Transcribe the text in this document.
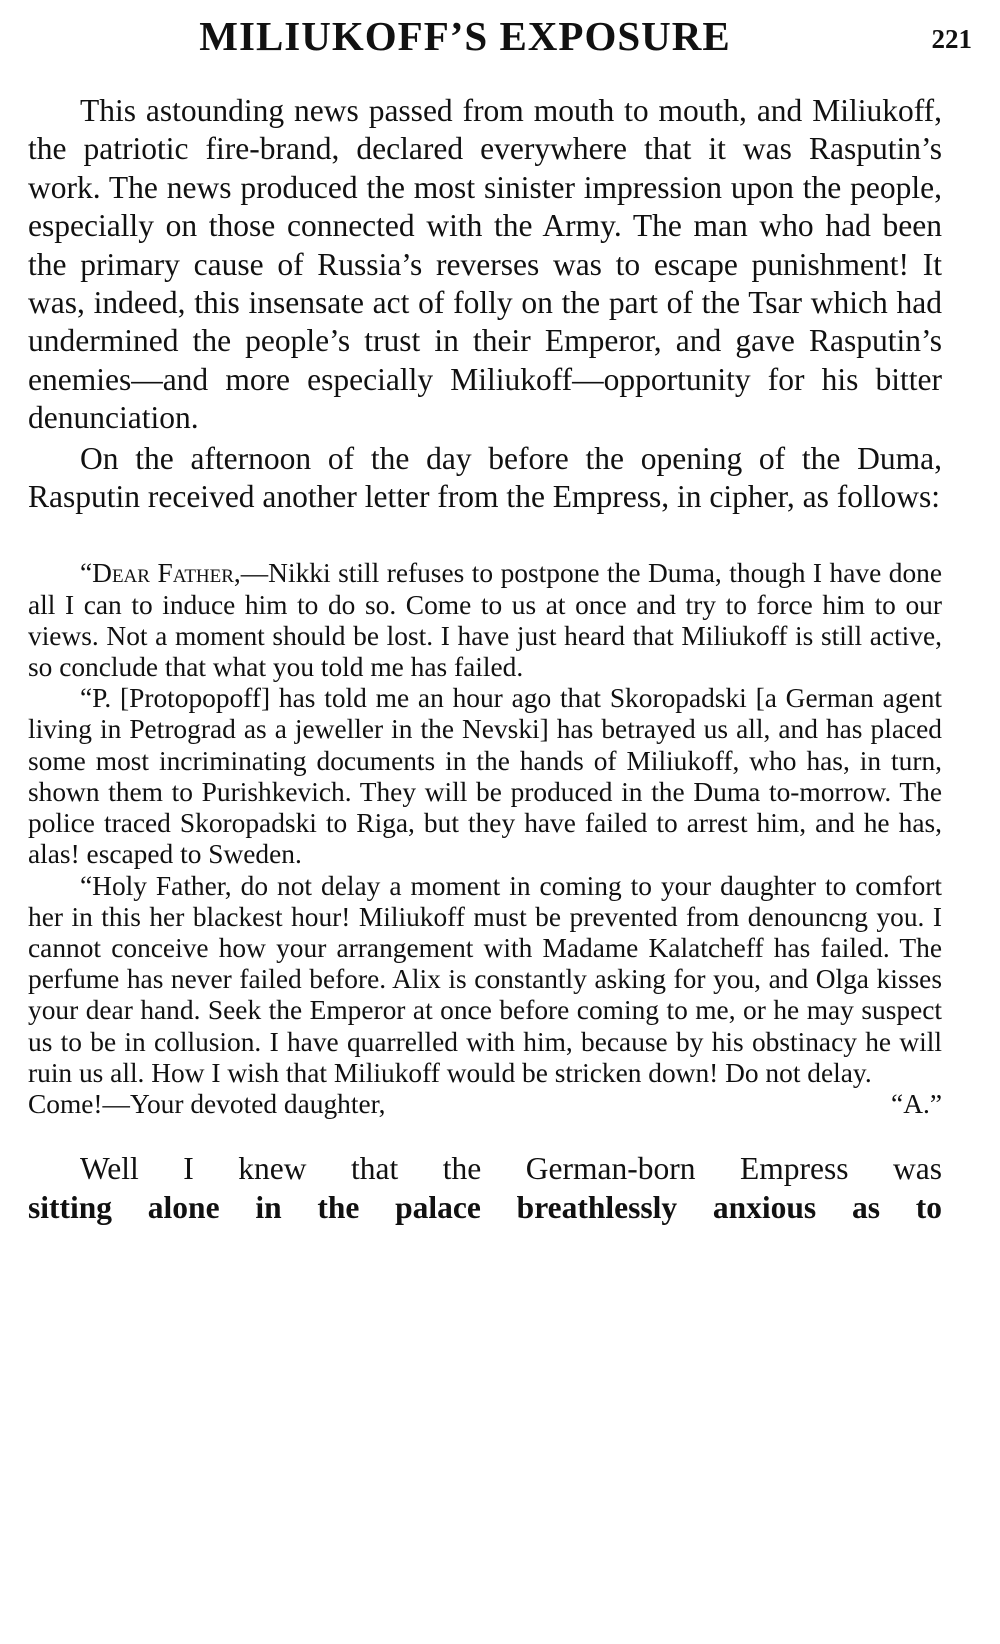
MILIUKOFF’S EXPOSURE	221

This astounding news passed from mouth to mouth, and Miliukoff, the patriotic fire-brand, declared everywhere that it was Rasputin’s work. The news produced the most sinister impression upon the people, especially on those connected with the Army. The man who had been the primary cause of Russia’s reverses was to escape punishment! It was, indeed, this insensate act of folly on the part of the Tsar which had undermined the people’s trust in their Emperor, and gave Rasputin’s enemies—and more especially Miliukoff—opportunity for his bitter denunciation.

On the afternoon of the day before the opening of the Duma, Rasputin received another letter from the Empress, in cipher, as follows:

“Dear Father,—Nikki still refuses to postpone the Duma, though I have done all I can to induce him to do so. Come to us at once and try to force him to our views. Not a moment should be lost. I have just heard that Miliukoff is still active, so conclude that what you told me has failed.

“P. [Protopopoff] has told me an hour ago that Skoropadski [a German agent living in Petrograd as a jeweller in the Nevski] has betrayed us all, and has placed some most incriminating documents in the hands of Miliukoff, who has, in turn, shown them to Purishkevich. They will be produced in the Duma to-morrow. The police traced Skoropadski to Riga, but they have failed to arrest him, and he has, alas! escaped to Sweden.

“Holy Father, do not delay a moment in coming to your daughter to comfort her in this her blackest hour! Miliukoff must be prevented from denouncng you. I cannot conceive how your arrangement with Madame Kalatcheff has failed. The perfume has never failed before. Alix is constantly asking for you, and Olga kisses your dear hand. Seek the Emperor at once before coming to me, or he may suspect us to be in collusion. I have quarrelled with him, because by his obstinacy he will ruin us all. How I wish that Miliukoff would be stricken down! Do not delay.

Come!—Your devoted daughter,	“A.”

Well I knew that the German-born Empress was

sitting alone in the palace breathlessly anxious as to
